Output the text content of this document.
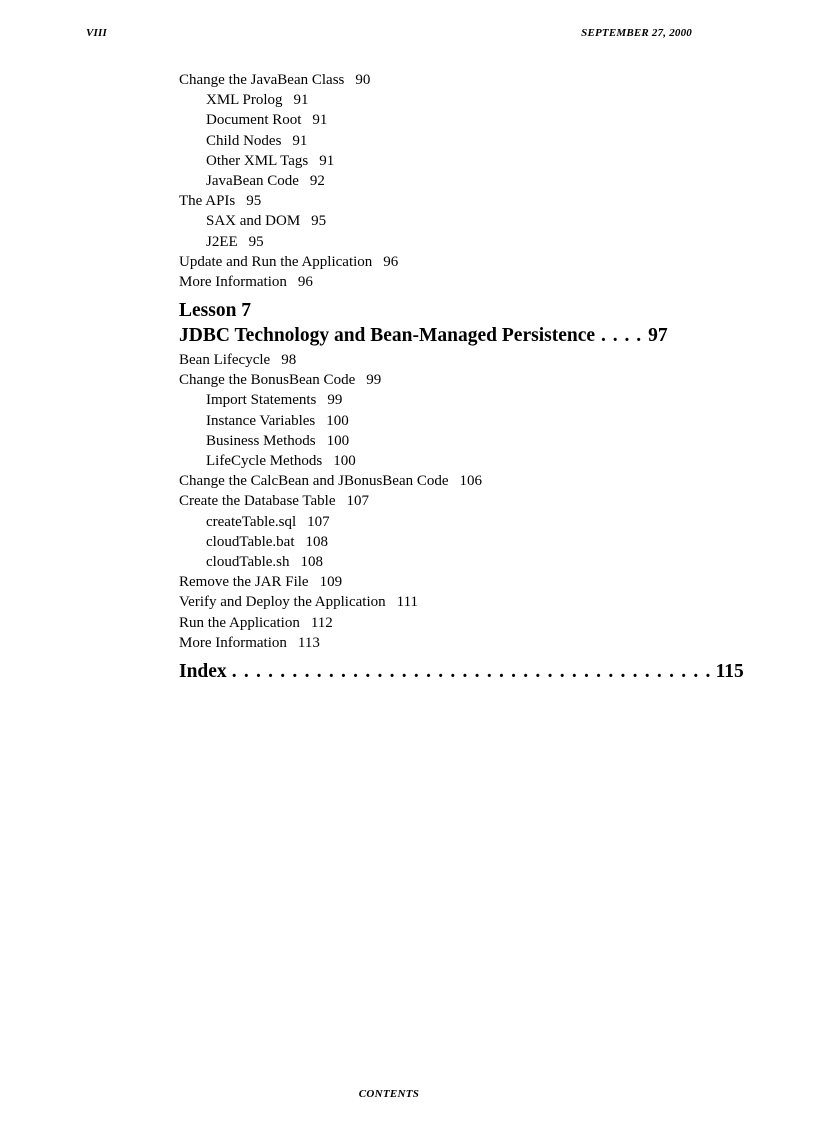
VIII	SEPTEMBER 27, 2000
Change the JavaBean Class 90
XML Prolog 91
Document Root 91
Child Nodes 91
Other XML Tags 91
JavaBean Code 92
The APIs 95
SAX and DOM 95
J2EE 95
Update and Run the Application 96
More Information 96
Lesson 7
JDBC Technology and Bean-Managed Persistence . . . . 97
Bean Lifecycle 98
Change the BonusBean Code 99
Import Statements 99
Instance Variables 100
Business Methods 100
LifeCycle Methods 100
Change the CalcBean and JBonusBean Code 106
Create the Database Table 107
createTable.sql 107
cloudTable.bat 108
cloudTable.sh 108
Remove the JAR File 109
Verify and Deploy the Application 111
Run the Application 112
More Information 113
Index . . . . . . . . . . . . . . . . . . . . . . . . . . . . . . . . . . . . . . . . 115
CONTENTS
